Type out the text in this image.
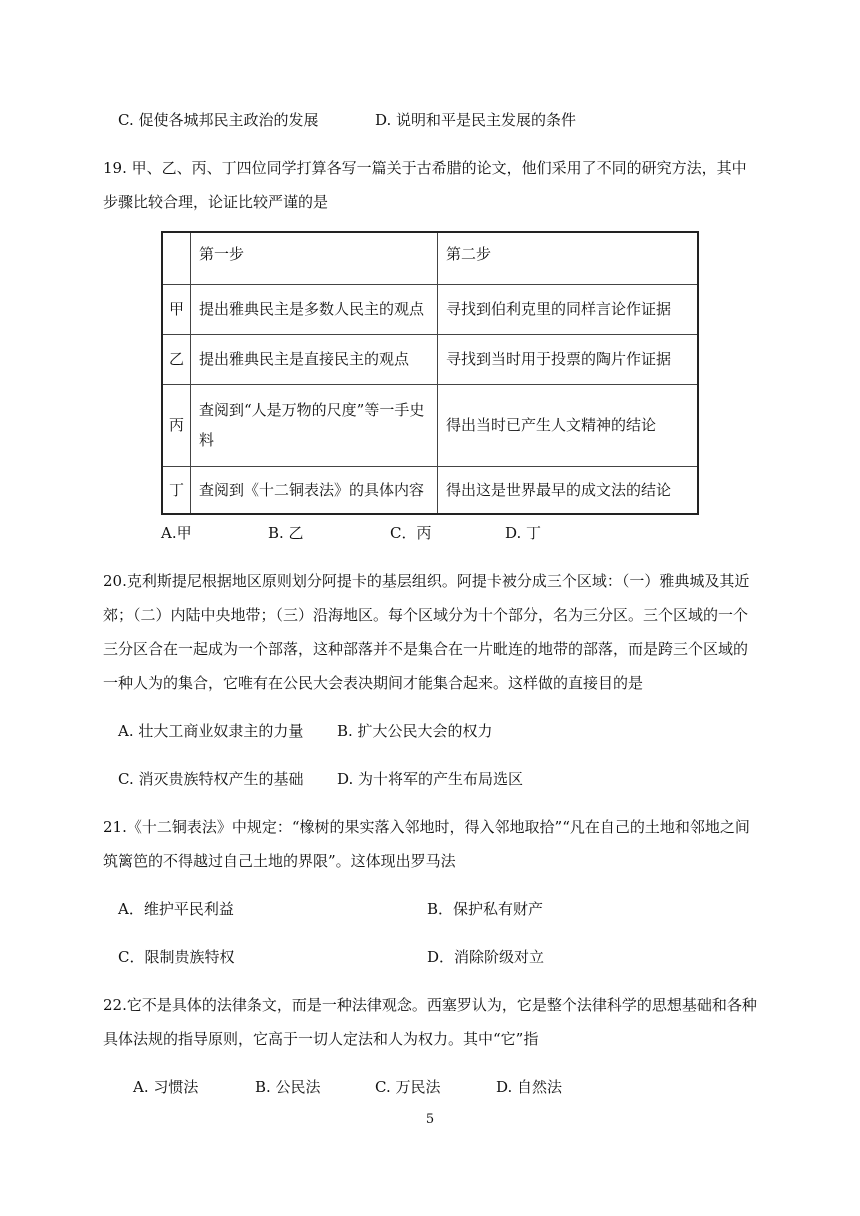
C. 促使各城邦民主政治的发展	D. 说明和平是民主发展的条件
19. 甲、乙、丙、丁四位同学打算各写一篇关于古希腊的论文，他们采用了不同的研究方法，其中
步骤比较合理，论证比较严谨的是
	第一步	第二步
甲	提出雅典民主是多数人民主的观点	寻找到伯利克里的同样言论作证据
乙	提出雅典民主是直接民主的观点	寻找到当时用于投票的陶片作证据
丙	查阅到“人是万物的尺度”等一手史料	得出当时已产生人文精神的结论
丁	查阅到《十二铜表法》的具体内容	得出这是世界最早的成文法的结论
A.甲	B. 乙	C．丙	D. 丁
20.克利斯提尼根据地区原则划分阿提卡的基层组织。阿提卡被分成三个区域：（一）雅典城及其近
郊；（二）内陆中央地带；（三）沿海地区。每个区域分为十个部分，名为三分区。三个区域的一个
三分区合在一起成为一个部落，这种部落并不是集合在一片毗连的地带的部落，而是跨三个区域的
一种人为的集合，它唯有在公民大会表决期间才能集合起来。这样做的直接目的是
A. 壮大工商业奴隶主的力量 B. 扩大公民大会的权力
C. 消灭贵族特权产生的基础 D. 为十将军的产生布局选区
21.《十二铜表法》中规定：“橡树的果实落入邻地时，得入邻地取拾”“凡在自己的土地和邻地之间
筑篱笆的不得越过自己土地的界限”。这体现出罗马法
A．维护平民利益	B．保护私有财产
C．限制贵族特权	D．消除阶级对立
22.它不是具体的法律条文，而是一种法律观念。西塞罗认为，它是整个法律科学的思想基础和各种
具体法规的指导原则，它高于一切人定法和人为权力。其中“它”指
A. 习惯法	B. 公民法	C. 万民法	D. 自然法
5
